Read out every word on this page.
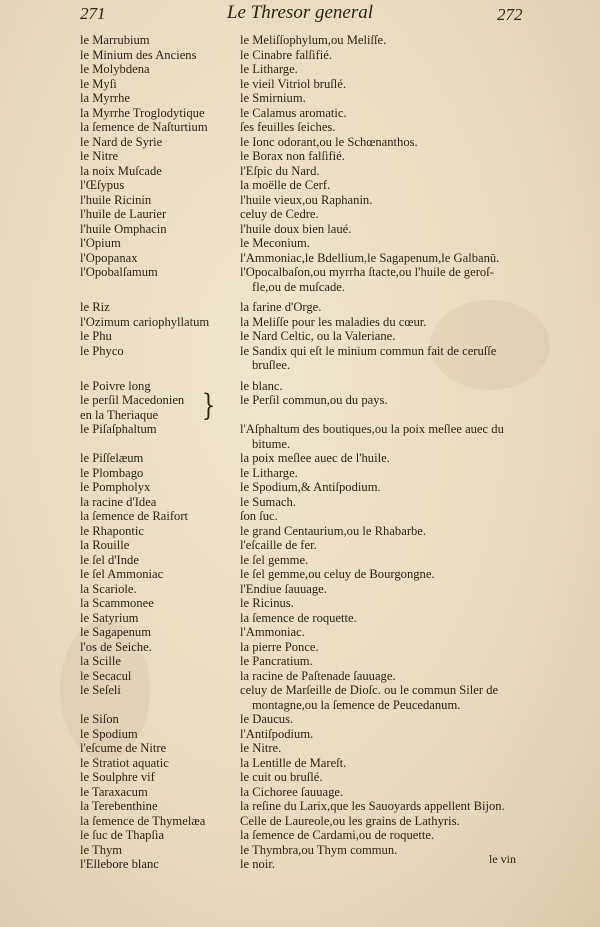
271	Le Thresor general	272
le Marrubium	le Meliſſophylum,ou Meliſſe.
le Minium des Anciens	le Cinabre falſifié.
le Molybdena	le Litharge.
le Myſi	le vieil Vitriol bruſlé.
la Myrrhe	le Smirnium.
la Myrrhe Troglodytique	le Calamus aromatic.
la ſemence de Naſturtium	ſes feuilles ſeiches.
le Nard de Syrie	le Ionc odorant,ou le Schœnanthos.
le Nitre	le Borax non falſifié.
la noix Muſcade	l'Eſpic du Nard.
l'Œſypus	la moëlle de Cerf.
l'huile Ricinin	l'huile vieux,ou Raphanin.
l'huile de Laurier	celuy de Cedre.
l'huile Omphacin	l'huile doux bien laué.
l'Opium	le Meconium.
l'Opopanax	l'Ammoniac,le Bdellium,le Sagapenum,le Galbanū.
l'Opobalſamum	l'Opocalbaſon,ou myrrha ſtacte,ou l'huile de geroſ-
fle,ou de muſcade.
le Riz	la farine d'Orge.
l'Ozimum cariophyllatum	la Meliſſe pour les maladies du cœur.
le Phu	le Nard Celtic, ou la Valeriane.
le Phyco	le Sandix qui eſt le minium commun fait de ceruſſe
bruſlee.
le Poivre long	le blanc.
le perſil Macedonien	le Perſil commun,ou du pays.
en la Theriaque
le Piſaſphaltum	l'Aſphaltum des boutiques,ou la poix meſlee auec du
bitume.
le Piſſelæum	la poix meſlee auec de l'huile.
le Plombago	le Litharge.
le Pompholyx	le Spodium,& Antiſpodium.
la racine d'Idea	le Sumach.
la ſemence de Raifort	ſon ſuc.
le Rhapontic	le grand Centaurium,ou le Rhabarbe.
la Rouille	l'eſcaille de fer.
le ſel d'Inde	le ſel gemme.
le ſel Ammoniac	le ſel gemme,ou celuy de Bourgongne.
la Scariole.	l'Endiue ſauuage.
la Scammonee	le Ricinus.
le Satyrium	la ſemence de roquette.
le Sagapenum	l'Ammoniac.
l'os de Seiche.	la pierre Ponce.
la Scille	le Pancratium.
le Secacul	la racine de Paſtenade ſauuage.
le Seſeli	celuy de Marſeille de Dioſc. ou le commun Siler de
montagne,ou la ſemence de Peucedanum.
le Siſon	le Daucus.
le Spodium	l'Antiſpodium.
l'eſcume de Nitre	le Nitre.
le Stratiot aquatic	la Lentille de Mareſt.
le Soulphre vif	le cuit ou bruſlé.
le Taraxacum	la Cichoree ſauuage.
la Terebenthine	la reſine du Larix,que les Sauoyards appellent Bijon.
la ſemence de Thymelæa	Celle de Laureole,ou les grains de Lathyris.
le ſuc de Thapſia	la ſemence de Cardami,ou de roquette.
le Thym	le Thymbra,ou Thym commun.
l'Ellebore blanc	le noir.
}
le vin
